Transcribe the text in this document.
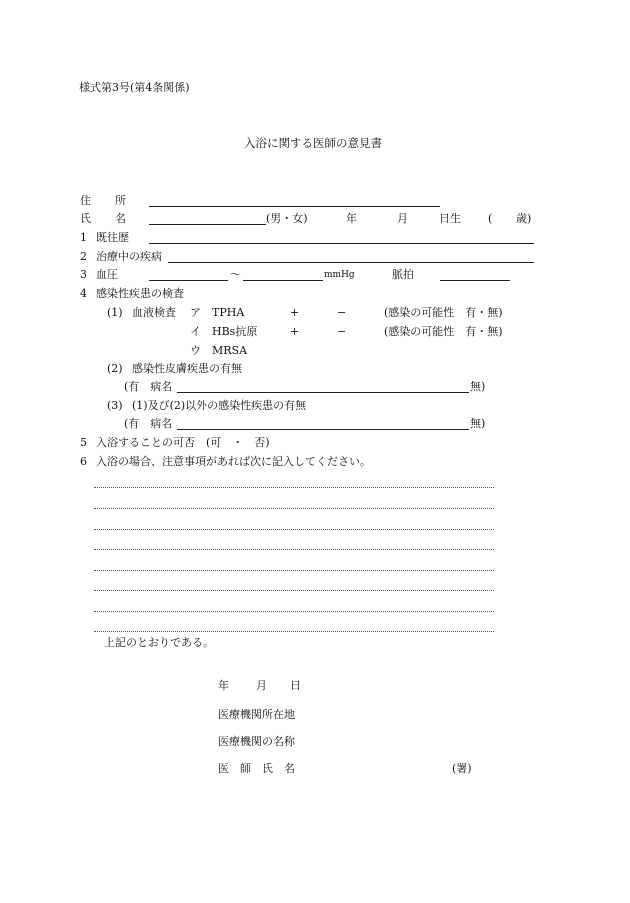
様式第3号(第4条関係)
入浴に関する医師の意見書
住 所
氏 名	(男・女)	年	月	日生 ( 歳)
1 既往歴
2 治療中の疾病
3 血圧	〜	mmHg	脈拍
4 感染性疾患の検査
(1) 血液検査 ア TPHA	+	−	(感染の可能性　有・無)
イ HBs抗原	+	−	(感染の可能性　有・無)
ウ MRSA
(2) 感染性皮膚疾患の有無
(有　病名	無)
(3) (1)及び(2)以外の感染性疾患の有無
(有　病名	無)
5 入浴することの可否　(可　・　否)
6 入浴の場合、注意事項があれば次に記入してください。
上記のとおりである。
年 月 日
医療機関所在地
医療機関の名称
医　師　氏　名	(署)
